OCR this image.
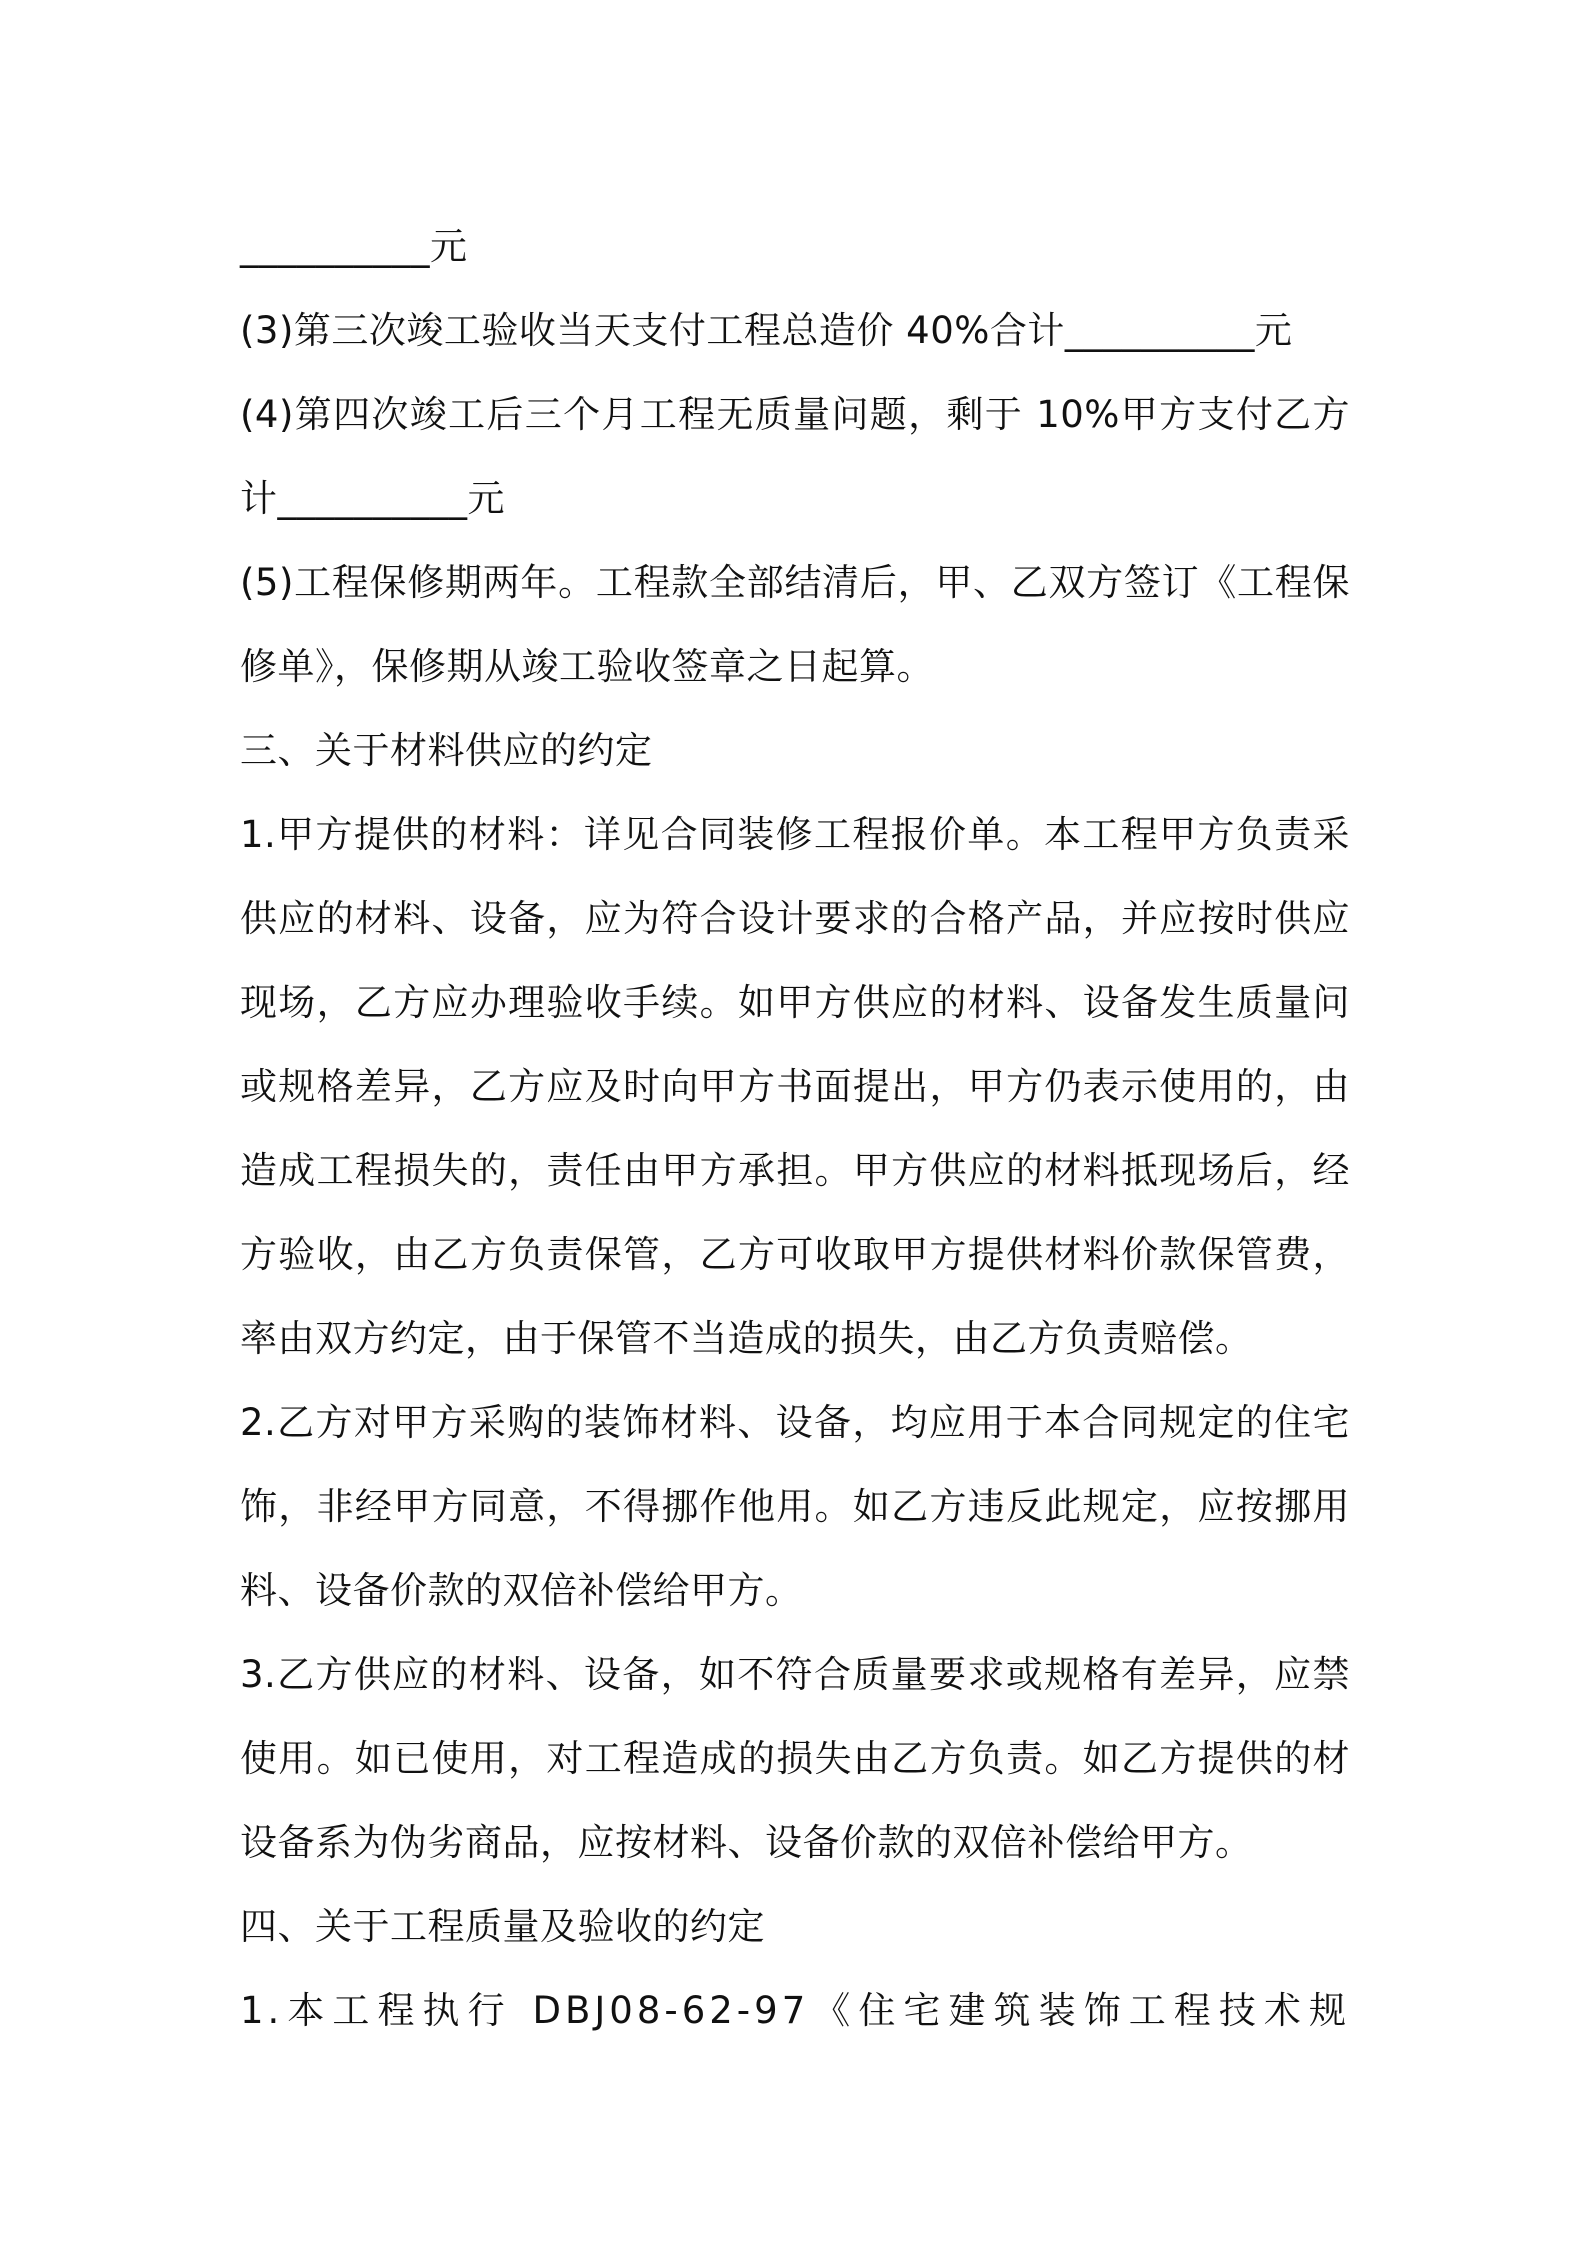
__________元
(3)第三次竣工验收当天支付工程总造价 40%合计__________元
(4)第四次竣工后三个月工程无质量问题，剩于 10%甲方支付乙方
计__________元
(5)工程保修期两年。工程款全部结清后，甲、乙双方签订《工程保
修单》，保修期从竣工验收签章之日起算。
三、关于材料供应的约定
1.甲方提供的材料：详见合同装修工程报价单。本工程甲方负责采
供应的材料、设备，应为符合设计要求的合格产品，并应按时供应
现场，乙方应办理验收手续。如甲方供应的材料、设备发生质量问
或规格差异，乙方应及时向甲方书面提出，甲方仍表示使用的，由
造成工程损失的，责任由甲方承担。甲方供应的材料抵现场后，经
方验收，由乙方负责保管，乙方可收取甲方提供材料价款保管费，
率由双方约定，由于保管不当造成的损失，由乙方负责赔偿。
2.乙方对甲方采购的装饰材料、设备，均应用于本合同规定的住宅
饰，非经甲方同意，不得挪作他用。如乙方违反此规定，应按挪用
料、设备价款的双倍补偿给甲方。
3.乙方供应的材料、设备，如不符合质量要求或规格有差异，应禁
使用。如已使用，对工程造成的损失由乙方负责。如乙方提供的材
设备系为伪劣商品，应按材料、设备价款的双倍补偿给甲方。
四、关于工程质量及验收的约定
1.本工程执行 DBJ08-62-97《住宅建筑装饰工程技术规
